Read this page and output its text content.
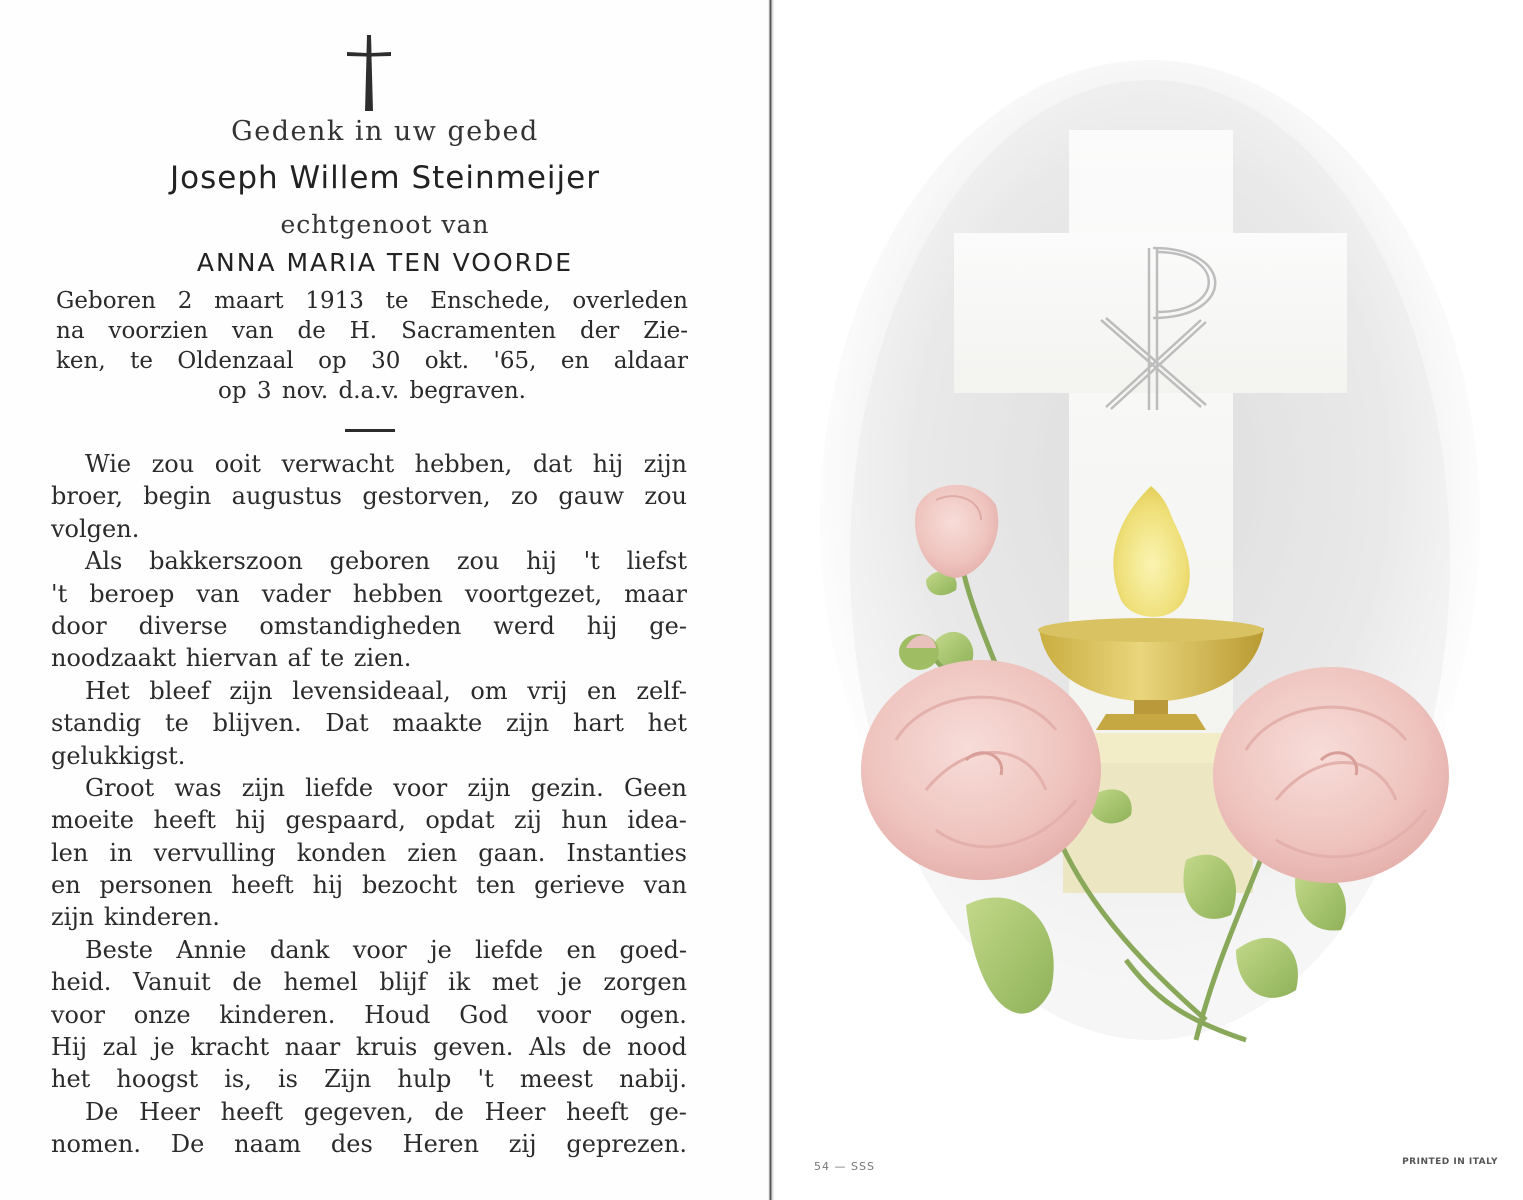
Gedenk in uw gebed
Joseph Willem Steinmeijer
echtgenoot van
ANNA MARIA TEN VOORDE
Geboren 2 maart 1913 te Enschede, overleden
na voorzien van de H. Sacramenten der Zie-
ken, te Oldenzaal op 30 okt. '65, en aldaar
op 3 nov. d.a.v. begraven.
Wie zou ooit verwacht hebben, dat hij zijn
broer, begin augustus gestorven, zo gauw zou
volgen.
Als bakkerszoon geboren zou hij 't liefst
't beroep van vader hebben voortgezet, maar
door diverse omstandigheden werd hij ge-
noodzaakt hiervan af te zien.
Het bleef zijn levensideaal, om vrij en zelf-
standig te blijven. Dat maakte zijn hart het
gelukkigst.
Groot was zijn liefde voor zijn gezin. Geen
moeite heeft hij gespaard, opdat zij hun idea-
len in vervulling konden zien gaan. Instanties
en personen heeft hij bezocht ten gerieve van
zijn kinderen.
Beste Annie dank voor je liefde en goed-
heid. Vanuit de hemel blijf ik met je zorgen
voor onze kinderen. Houd God voor ogen.
Hij zal je kracht naar kruis geven. Als de nood
het hoogst is, is Zijn hulp 't meest nabij.
De Heer heeft gegeven, de Heer heeft ge-
nomen. De naam des Heren zij geprezen.
54 — SSS	PRINTED IN ITALY
